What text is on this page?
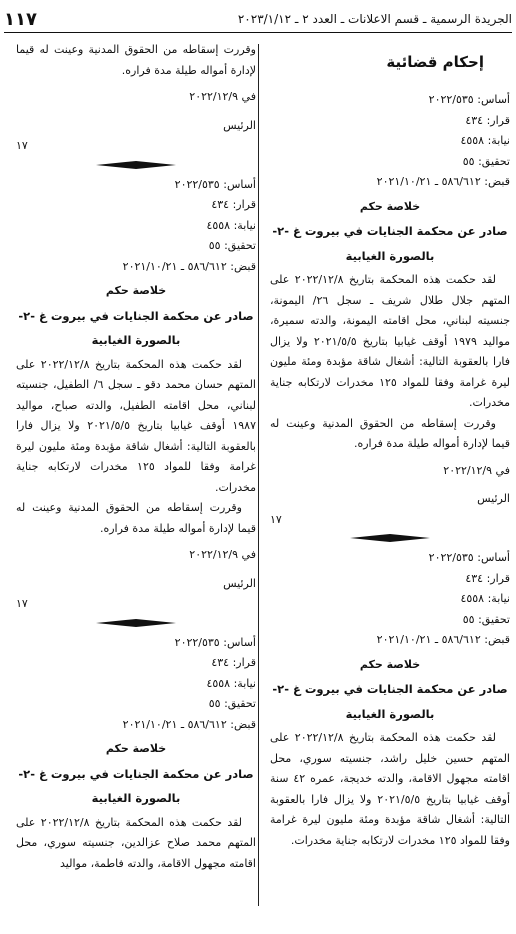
الجريدة الرسمية ـ قسم الاعلانات ـ العدد ٢ ـ ٢٠٢٣/١/١٢
١١٧
إحكام قضائية
أساس: ٢٠٢٢/٥٣٥
قرار: ٤٣٤
نيابة: ٤٥٥٨
تحقيق: ٥٥
قبض: ٥٨٦/٦١٢ ـ ٢٠٢١/١٠/٢١
خلاصة حكم
صادر عن محكمة الجنايات في بيروت غ -٢-
بالصورة الغيابية
لقد حكمت هذه المحكمة بتاريخ ٢٠٢٢/١٢/٨ على المتهم جلال طلال شريف ـ سجل ٢٦/ اليمونة، جنسيته لبناني، محل اقامته اليمونة، والدته سميرة، مواليد ١٩٧٩ أوقف غيابيا بتاريخ ٢٠٢١/٥/٥ ولا يزال فارا بالعقوبة التالية: أشغال شاقة مؤبدة ومئة مليون ليرة غرامة وفقا للمواد ١٢٥ مخدرات لارتكابه جناية مخدرات.
وقررت إسقاطه من الحقوق المدنية وعينت له قيما لإدارة أمواله طيلة مدة فراره.
في ٢٠٢٢/١٢/٩
الرئيس
١٧
أساس: ٢٠٢٢/٥٣٥
قرار: ٤٣٤
نيابة: ٤٥٥٨
تحقيق: ٥٥
قبض: ٥٨٦/٦١٢ ـ ٢٠٢١/١٠/٢١
خلاصة حكم
صادر عن محكمة الجنايات في بيروت غ -٢-
بالصورة الغيابية
لقد حكمت هذه المحكمة بتاريخ ٢٠٢٢/١٢/٨ على المتهم حسين خليل راشد، جنسيته سوري، محل اقامته مجهول الاقامة، والدته خديجة، عمره ٤٢ سنة أوقف غيابيا بتاريخ ٢٠٢١/٥/٥ ولا يزال فارا بالعقوبة التالية: أشغال شاقة مؤبدة ومئة مليون ليرة غرامة وفقا للمواد ١٢٥ مخدرات لارتكابه جناية مخدرات.
وقررت إسقاطه من الحقوق المدنية وعينت له قيما لإدارة أمواله طيلة مدة فراره.
في ٢٠٢٢/١٢/٩
الرئيس
١٧
أساس: ٢٠٢٢/٥٣٥
قرار: ٤٣٤
نيابة: ٤٥٥٨
تحقيق: ٥٥
قبض: ٥٨٦/٦١٢ ـ ٢٠٢١/١٠/٢١
خلاصة حكم
صادر عن محكمة الجنايات في بيروت غ -٢-
بالصورة الغيابية
لقد حكمت هذه المحكمة بتاريخ ٢٠٢٢/١٢/٨ على المتهم حسان محمد دقو ـ سجل ٦/ الطفيل، جنسيته لبناني، محل اقامته الطفيل، والدته صباح، مواليد ١٩٨٧ أوقف غيابيا بتاريخ ٢٠٢١/٥/٥ ولا يزال فارا بالعقوبة التالية: أشغال شاقة مؤبدة ومئة مليون ليرة غرامة وفقا للمواد ١٢٥ مخدرات لارتكابه جناية مخدرات.
وقررت إسقاطه من الحقوق المدنية وعينت له قيما لإدارة أمواله طيلة مدة فراره.
في ٢٠٢٢/١٢/٩
الرئيس
١٧
أساس: ٢٠٢٢/٥٣٥
قرار: ٤٣٤
نيابة: ٤٥٥٨
تحقيق: ٥٥
قبض: ٥٨٦/٦١٢ ـ ٢٠٢١/١٠/٢١
خلاصة حكم
صادر عن محكمة الجنايات في بيروت غ -٢-
بالصورة الغيابية
لقد حكمت هذه المحكمة بتاريخ ٢٠٢٢/١٢/٨ على المتهم محمد صلاح عزالدين، جنسيته سوري، محل اقامته مجهول الاقامة، والدته فاطمة، مواليد
